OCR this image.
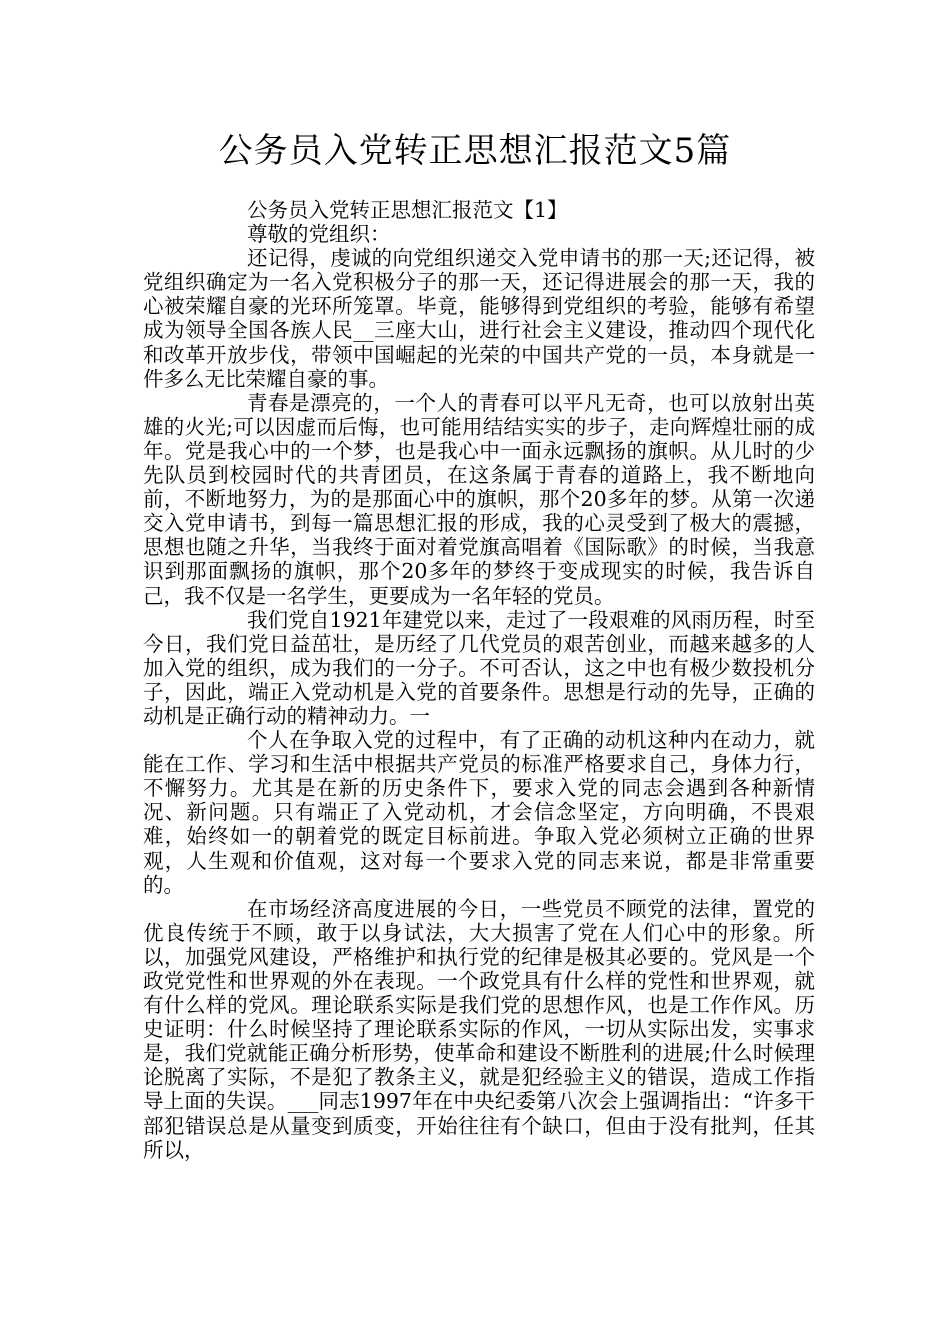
公务员入党转正思想汇报范文5篇

公务员入党转正思想汇报范文【1】

尊敬的党组织：

还记得，虔诚的向党组织递交入党申请书的那一天;还记得，被党组织确定为一名入党积极分子的那一天，还记得进展会的那一天，我的心被荣耀自豪的光环所笼罩。毕竟，能够得到党组织的考验，能够有希望成为领导全国各族人民__三座大山，进行社会主义建设，推动四个现代化和改革开放步伐，带领中国崛起的光荣的中国共产党的一员，本身就是一件多么无比荣耀自豪的事。

青春是漂亮的，一个人的青春可以平凡无奇，也可以放射出英雄的火光;可以因虚而后悔，也可能用结结实实的步子，走向辉煌壮丽的成年。党是我心中的一个梦，也是我心中一面永远飘扬的旗帜。从儿时的少先队员到校园时代的共青团员，在这条属于青春的道路上，我不断地向前，不断地努力，为的是那面心中的旗帜，那个20多年的梦。从第一次递交入党申请书，到每一篇思想汇报的形成，我的心灵受到了极大的震撼，思想也随之升华，当我终于面对着党旗高唱着《国际歌》的时候，当我意识到那面飘扬的旗帜，那个20多年的梦终于变成现实的时候，我告诉自己，我不仅是一名学生，更要成为一名年轻的党员。

我们党自1921年建党以来，走过了一段艰难的风雨历程，时至今日，我们党日益茁壮，是历经了几代党员的艰苦创业，而越来越多的人加入党的组织，成为我们的一分子。不可否认，这之中也有极少数投机分子，因此，端正入党动机是入党的首要条件。思想是行动的先导，正确的动机是正确行动的精神动力。一

个人在争取入党的过程中，有了正确的动机这种内在动力，就能在工作、学习和生活中根据共产党员的标准严格要求自己，身体力行，不懈努力。尤其是在新的历史条件下，要求入党的同志会遇到各种新情况、新问题。只有端正了入党动机，才会信念坚定，方向明确，不畏艰难，始终如一的朝着党的既定目标前进。争取入党必须树立正确的世界观，人生观和价值观，这对每一个要求入党的同志来说，都是非常重要的。

在市场经济高度进展的今日，一些党员不顾党的法律，置党的优良传统于不顾，敢于以身试法，大大损害了党在人们心中的形象。所以，加强党风建设，严格维护和执行党的纪律是极其必要的。党风是一个政党党性和世界观的外在表现。一个政党具有什么样的党性和世界观，就有什么样的党风。理论联系实际是我们党的思想作风，也是工作作风。历史证明：什么时候坚持了理论联系实际的作风，一切从实际出发，实事求是，我们党就能正确分析形势，使革命和建设不断胜利的进展;什么时候理论脱离了实际，不是犯了教条主义，就是犯经验主义的错误，造成工作指导上面的失误。___同志1997年在中央纪委第八次会上强调指出：“许多干部犯错误总是从量变到质变，开始往往有个缺口，但由于没有批判，任其所以，
